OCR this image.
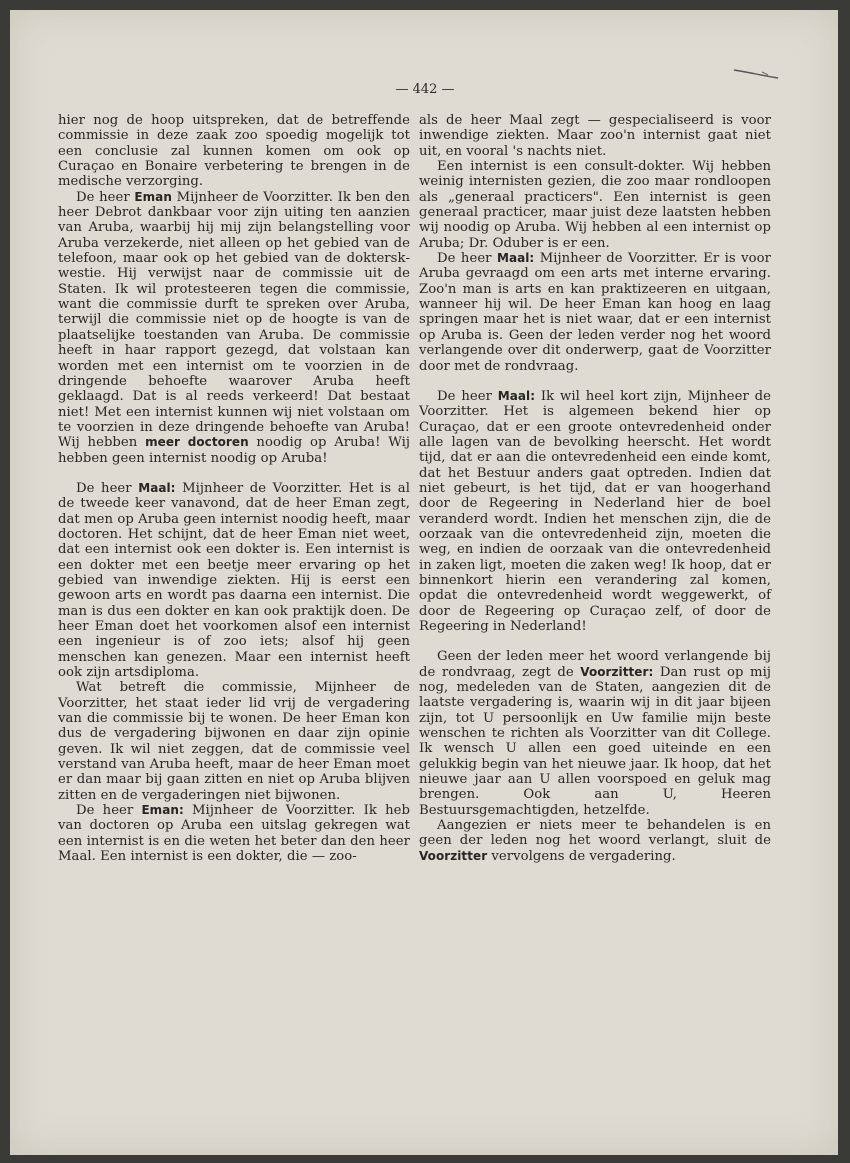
— 442 —

hier nog de hoop uitspreken, dat de betreffende commissie in deze zaak zoo spoedig mogelijk tot een conclusie zal kunnen komen om ook op Curaçao en Bonaire verbetering te brengen in de medische verzorging.

De heer Eman Mijnheer de Voorzitter. Ik ben den heer Debrot dankbaar voor zijn uiting ten aanzien van Aruba, waarbij hij mij zijn belangstelling voor Aruba verzekerde, niet alleen op het gebied van de telefoon, maar ook op het gebied van de dokterskwestie. Hij verwijst naar de commissie uit de Staten. Ik wil protesteeren tegen die commissie, want die commissie durft te spreken over Aruba, terwijl die commissie niet op de hoogte is van de plaatselijke toestanden van Aruba. De commissie heeft in haar rapport gezegd, dat volstaan kan worden met een internist om te voorzien in de dringende behoefte waarover Aruba heeft geklaagd. Dat is al reeds verkeerd! Dat bestaat niet! Met een internist kunnen wij niet volstaan om te voorzien in deze dringende behoefte van Aruba! Wij hebben meer doctoren noodig op Aruba! Wij hebben geen internist noodig op Aruba!

De heer Maal: Mijnheer de Voorzitter. Het is al de tweede keer vanavond, dat de heer Eman zegt, dat men op Aruba geen internist noodig heeft, maar doctoren. Het schijnt, dat de heer Eman niet weet, dat een internist ook een dokter is. Een internist is een dokter met een beetje meer ervaring op het gebied van inwendige ziekten. Hij is eerst een gewoon arts en wordt pas daarna een internist. Die man is dus een dokter en kan ook praktijk doen. De heer Eman doet het voorkomen alsof een internist een ingenieur is of zoo iets; alsof hij geen menschen kan genezen. Maar een internist heeft ook zijn artsdiploma.

Wat betreft die commissie, Mijnheer de Voorzitter, het staat ieder lid vrij de vergadering van die commissie bij te wonen. De heer Eman kon dus de vergadering bijwonen en daar zijn opinie geven. Ik wil niet zeggen, dat de commissie veel verstand van Aruba heeft, maar de heer Eman moet er dan maar bij gaan zitten en niet op Aruba blijven zitten en de vergaderingen niet bijwonen.

De heer Eman: Mijnheer de Voorzitter. Ik heb van doctoren op Aruba een uitslag gekregen wat een internist is en die weten het beter dan den heer Maal. Een internist is een dokter, die — zoo-

als de heer Maal zegt — gespecialiseerd is voor inwendige ziekten. Maar zoo'n internist gaat niet uit, en vooral 's nachts niet.

Een internist is een consult-dokter. Wij hebben weinig internisten gezien, die zoo maar rondloopen als „generaal practicers". Een internist is geen generaal practicer, maar juist deze laatsten hebben wij noodig op Aruba. Wij hebben al een internist op Aruba; Dr. Oduber is er een.

De heer Maal: Mijnheer de Voorzitter. Er is voor Aruba gevraagd om een arts met interne ervaring. Zoo'n man is arts en kan praktizeeren en uitgaan, wanneer hij wil. De heer Eman kan hoog en laag springen maar het is niet waar, dat er een internist op Aruba is. Geen der leden verder nog het woord verlangende over dit onderwerp, gaat de Voorzitter door met de rondvraag.

De heer Maal: Ik wil heel kort zijn, Mijnheer de Voorzitter. Het is algemeen bekend hier op Curaçao, dat er een groote ontevredenheid onder alle lagen van de bevolking heerscht. Het wordt tijd, dat er aan die ontevredenheid een einde komt, dat het Bestuur anders gaat optreden. Indien dat niet gebeurt, is het tijd, dat er van hoogerhand door de Regeering in Nederland hier de boel veranderd wordt. Indien het menschen zijn, die de oorzaak van die ontevredenheid zijn, moeten die weg, en indien de oorzaak van die ontevredenheid in zaken ligt, moeten die zaken weg! Ik hoop, dat er binnenkort hierin een verandering zal komen, opdat die ontevredenheid wordt weggewerkt, of door de Regeering op Curaçao zelf, of door de Regeering in Nederland!

Geen der leden meer het woord verlangende bij de rondvraag, zegt de Voorzitter: Dan rust op mij nog, medeleden van de Staten, aangezien dit de laatste vergadering is, waarin wij in dit jaar bijeen zijn, tot U persoonlijk en Uw familie mijn beste wenschen te richten als Voorzitter van dit College. Ik wensch U allen een goed uiteinde en een gelukkig begin van het nieuwe jaar. Ik hoop, dat het nieuwe jaar aan U allen voorspoed en geluk mag brengen. Ook aan U, Heeren Bestuursgemachtigden, hetzelfde.

Aangezien er niets meer te behandelen is en geen der leden nog het woord verlangt, sluit de Voorzitter vervolgens de vergadering.
